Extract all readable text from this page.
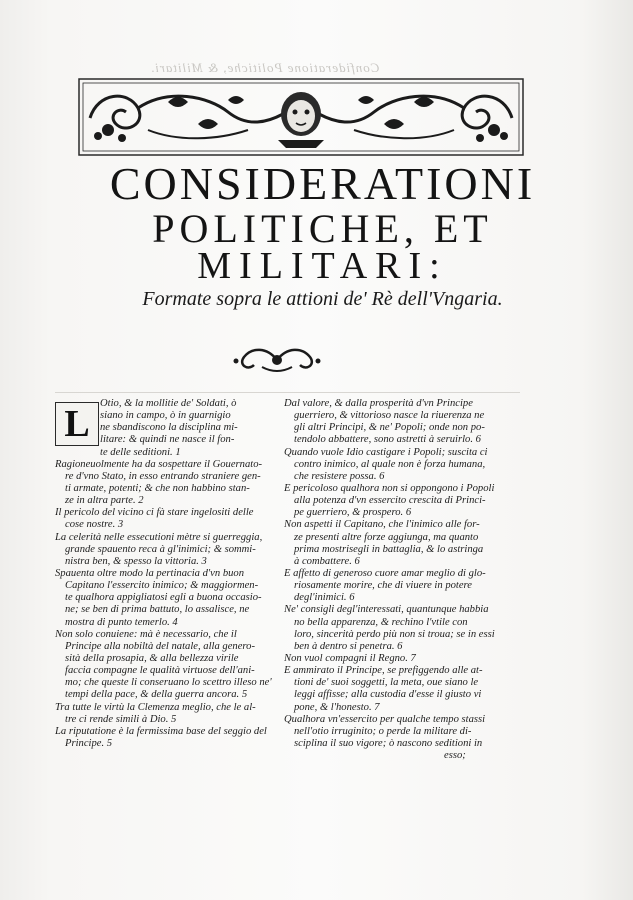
Confideratione Politiche, & Militari.
CONSIDERATIONI
POLITICHE, ET
MILITARI:
Formate sopra le attioni de' Rè dell'Vngaria.
L Otio, & la mollitie de' Soldati, ò
siano in campo, ò in guarnigio
ne sbandiscono la disciplina mi-
litare: & quindi ne nasce il fon-
te delle seditioni. 1
Ragioneuolmente ha da sospettare il Gouernato-
re d'vno Stato, in esso entrando straniere gen-
ti armate, potenti; & che non habbino stan-
ze in altra parte. 2
Il pericolo del vicino ci fà stare ingelositi delle
cose nostre. 3
La celerità nelle essecutioni mètre si guerreggia,
grande spauento reca à gl'inimici; & sommi-
nistra ben, & spesso la vittoria. 3
Spauenta oltre modo la pertinacia d'vn buon
Capitano l'essercito inimico; & maggiormen-
te qualhora appigliatosi egli a buona occasio-
ne; se ben di prima battuto, lo assalisce, ne
mostra di punto temerlo. 4
Non solo conuiene: mà è necessario, che il
Principe alla nobiltà del natale, alla genero-
sità della prosapia, & alla bellezza virile
faccia compagne le qualità virtuose dell'ani-
mo; che queste li conseruano lo scettro illeso ne'
tempi della pace, & della guerra ancora. 5
Tra tutte le virtù la Clemenza meglio, che le al-
tre ci rende simili à Dio. 5
La riputatione è la fermissima base del seggio del
Principe. 5
Dal valore, & dalla prosperità d'vn Principe
guerriero, & vittorioso nasce la riuerenza ne
gli altri Principi, & ne' Popoli; onde non po-
tendolo abbattere, sono astretti à seruirlo. 6
Quando vuole Idio castigare i Popoli; suscita ci
contro inimico, al quale non è forza humana,
che resistere possa. 6
E pericoloso qualhora non si oppongono i Popoli
alla potenza d'vn essercito crescita di Princi-
pe guerriero, & prospero. 6
Non aspetti il Capitano, che l'inimico alle for-
ze presenti altre forze aggiunga, ma quanto
prima mostrisegli in battaglia, & lo astringa
à combattere. 6
E affetto di generoso cuore amar meglio di glo-
riosamente morire, che di viuere in potere
degl'inimici. 6
Ne' consigli degl'interessati, quantunque habbia
no bella apparenza, & rechino l'vtile con
loro, sincerità perdo più non si troua; se in essi
ben à dentro si penetra. 6
Non vuol compagni il Regno. 7
E ammirato il Principe, se prefiggendo alle at-
tioni de' suoi soggetti, la meta, oue siano le
leggi affisse; alla custodia d'esse il giusto vi
pone, & l'honesto. 7
Qualhora vn'essercito per qualche tempo stassi
nell'otio irruginito; o perde la militare di-
sciplina il suo vigore; ò nascono seditioni in
esso;
